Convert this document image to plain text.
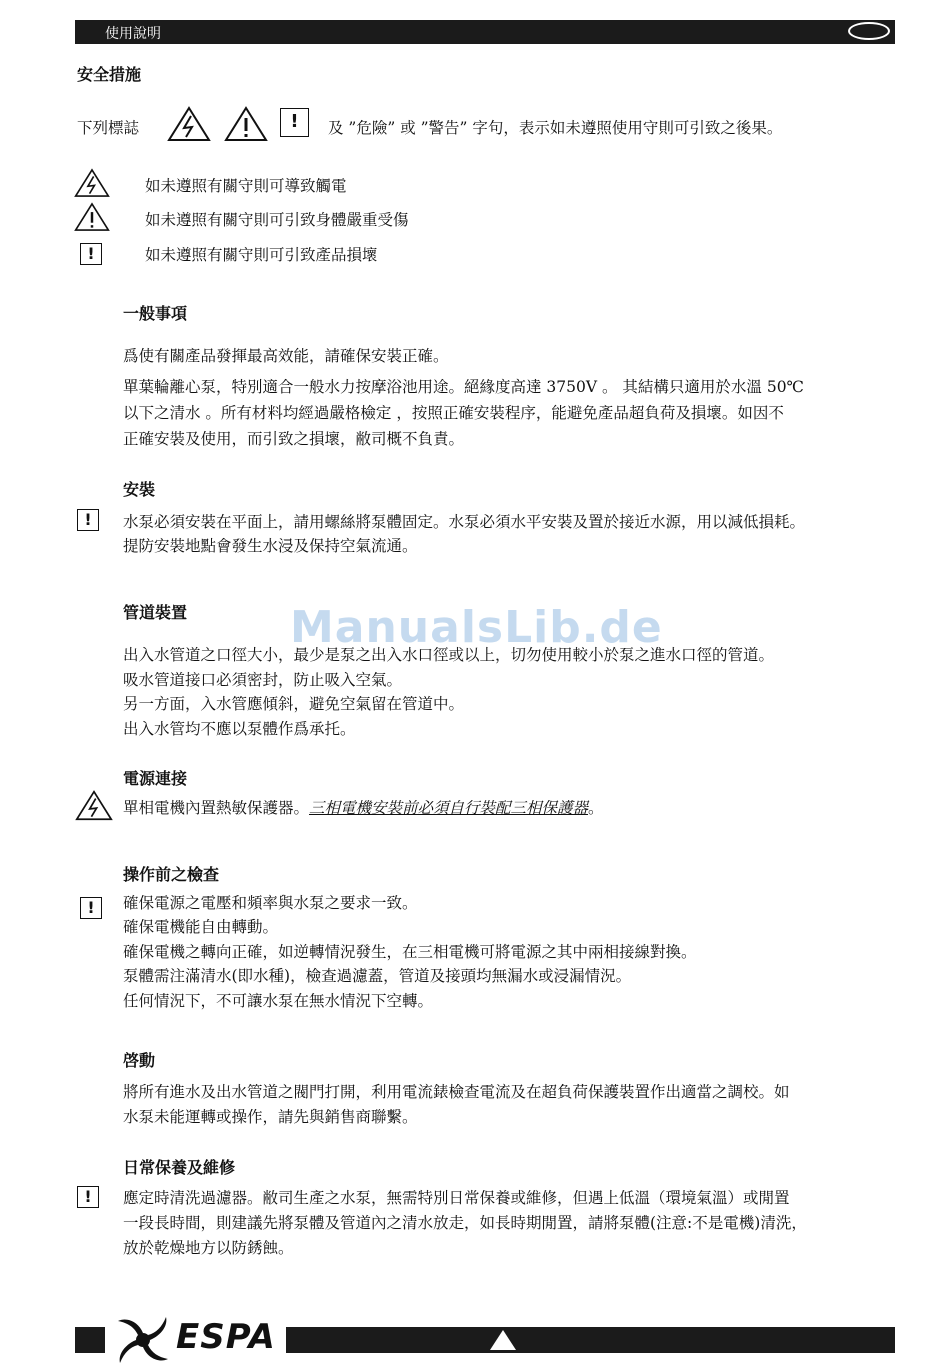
使用說明
安全措施
下列標誌	!	及 ”危險” 或 ”警告” 字句，表示如未遵照使用守則可引致之後果。
如未遵照有關守則可導致觸電
如未遵照有關守則可引致身體嚴重受傷
!	如未遵照有關守則可引致產品損壞
一般事項
爲使有關產品發揮最高效能，請確保安裝正確。
單葉輪離心泵，特別適合一般水力按摩浴池用途。絕緣度高達 3750V 。 其結構只適用於水溫 50℃
以下之清水 。所有材料均經過嚴格檢定 ，按照正確安裝程序，能避免產品超負荷及損壞。如因不
正確安裝及使用，而引致之損壞，敝司概不負責。
安裝
!	水泵必須安裝在平面上，請用螺絲將泵體固定。水泵必須水平安裝及置於接近水源，用以減低損耗。
提防安裝地點會發生水浸及保持空氣流通。
管道裝置 ManualsLib.de
出入水管道之口徑大小，最少是泵之出入水口徑或以上，切勿使用較小於泵之進水口徑的管道。
吸水管道接口必須密封，防止吸入空氣。
另一方面，入水管應傾斜，避免空氣留在管道中。
出入水管均不應以泵體作爲承托。
電源連接
單相電機內置熱敏保護器。三相電機安裝前必須自行裝配三相保護器。
操作前之檢查
!	確保電源之電壓和頻率與水泵之要求一致。
確保電機能自由轉動。
確保電機之轉向正確，如逆轉情況發生，在三相電機可將電源之其中兩相接線對換。
泵體需注滿清水(即水種)，檢查過濾蓋，管道及接頭均無漏水或浸漏情況。
任何情況下，不可讓水泵在無水情況下空轉。
啓動
將所有進水及出水管道之閥門打開，利用電流錶檢查電流及在超負荷保護裝置作出適當之調校。如
水泵未能運轉或操作，請先與銷售商聯繫。
日常保養及維修
!	應定時清洗過濾器。敝司生產之水泵，無需特別日常保養或維修，但遇上低溫（環境氣溫）或閒置
一段長時間，則建議先將泵體及管道內之清水放走，如長時期閒置，請將泵體(注意:不是電機)清洗，
放於乾燥地方以防銹蝕。
ESPA
